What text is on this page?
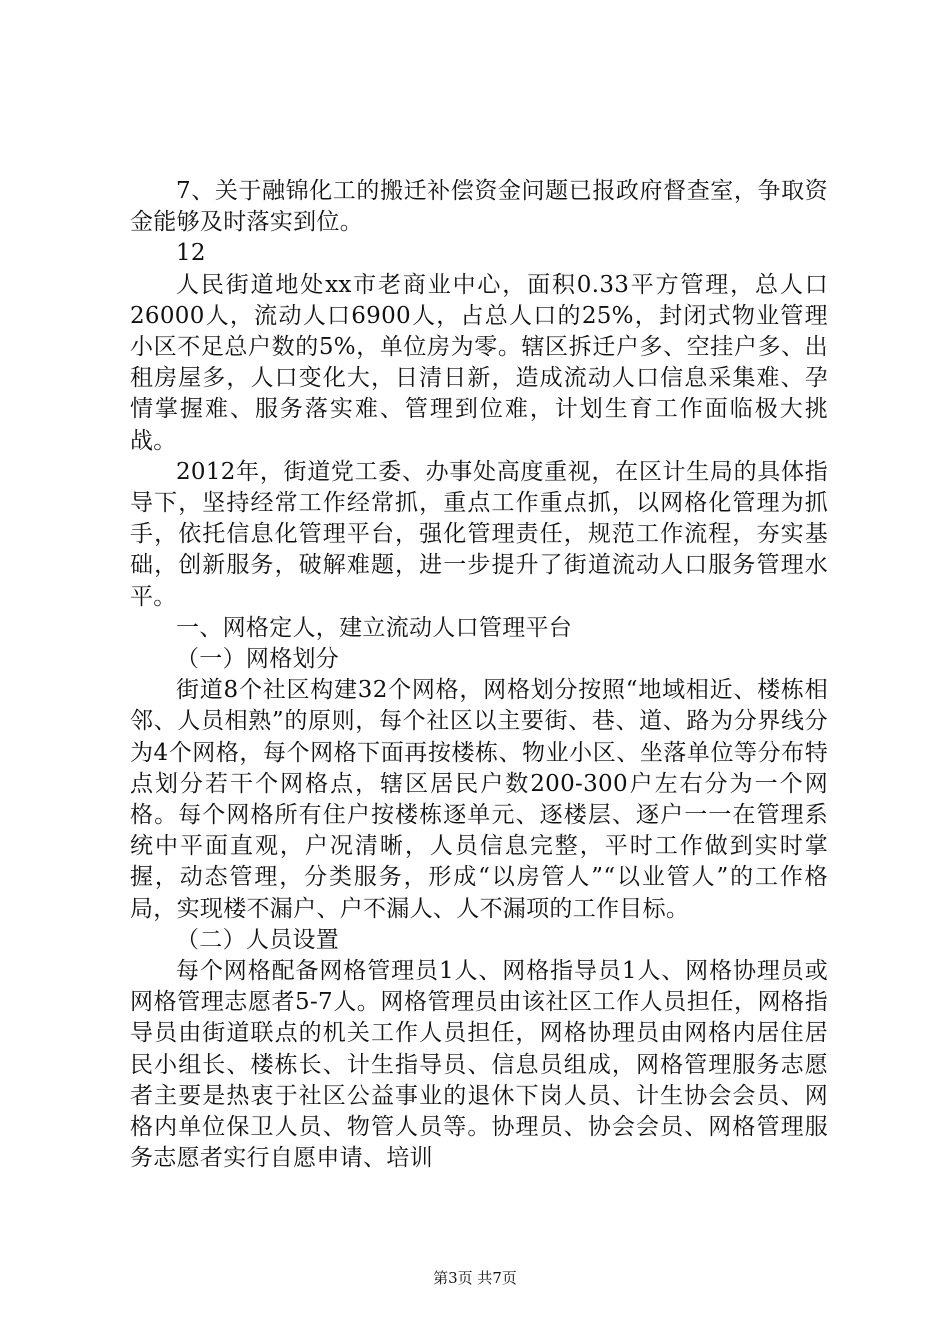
7、关于融锦化工的搬迁补偿资金问题已报政府督查室，争取资金能够及时落实到位。

12

人民街道地处xx市老商业中心，面积0.33平方管理，总人口26000人，流动人口6900人，占总人口的25%，封闭式物业管理小区不足总户数的5%，单位房为零。辖区拆迁户多、空挂户多、出租房屋多，人口变化大，日清日新，造成流动人口信息采集难、孕情掌握难、服务落实难、管理到位难，计划生育工作面临极大挑战。

2012年，街道党工委、办事处高度重视，在区计生局的具体指导下，坚持经常工作经常抓，重点工作重点抓，以网格化管理为抓手，依托信息化管理平台，强化管理责任，规范工作流程，夯实基础，创新服务，破解难题，进一步提升了街道流动人口服务管理水平。

一、网格定人，建立流动人口管理平台

（一）网格划分

街道8个社区构建32个网格，网格划分按照“地域相近、楼栋相邻、人员相熟”的原则，每个社区以主要街、巷、道、路为分界线分为4个网格，每个网格下面再按楼栋、物业小区、坐落单位等分布特点划分若干个网格点，辖区居民户数200-300户左右分为一个网格。每个网格所有住户按楼栋逐单元、逐楼层、逐户一一在管理系统中平面直观，户况清晰，人员信息完整，平时工作做到实时掌握，动态管理，分类服务，形成“以房管人”“以业管人”的工作格局，实现楼不漏户、户不漏人、人不漏项的工作目标。

（二）人员设置

每个网格配备网格管理员1人、网格指导员1人、网格协理员或网格管理志愿者5-7人。网格管理员由该社区工作人员担任，网格指导员由街道联点的机关工作人员担任，网格协理员由网格内居住居民小组长、楼栋长、计生指导员、信息员组成，网格管理服务志愿者主要是热衷于社区公益事业的退休下岗人员、计生协会会员、网格内单位保卫人员、物管人员等。协理员、协会会员、网格管理服务志愿者实行自愿申请、培训

第3页 共7页
